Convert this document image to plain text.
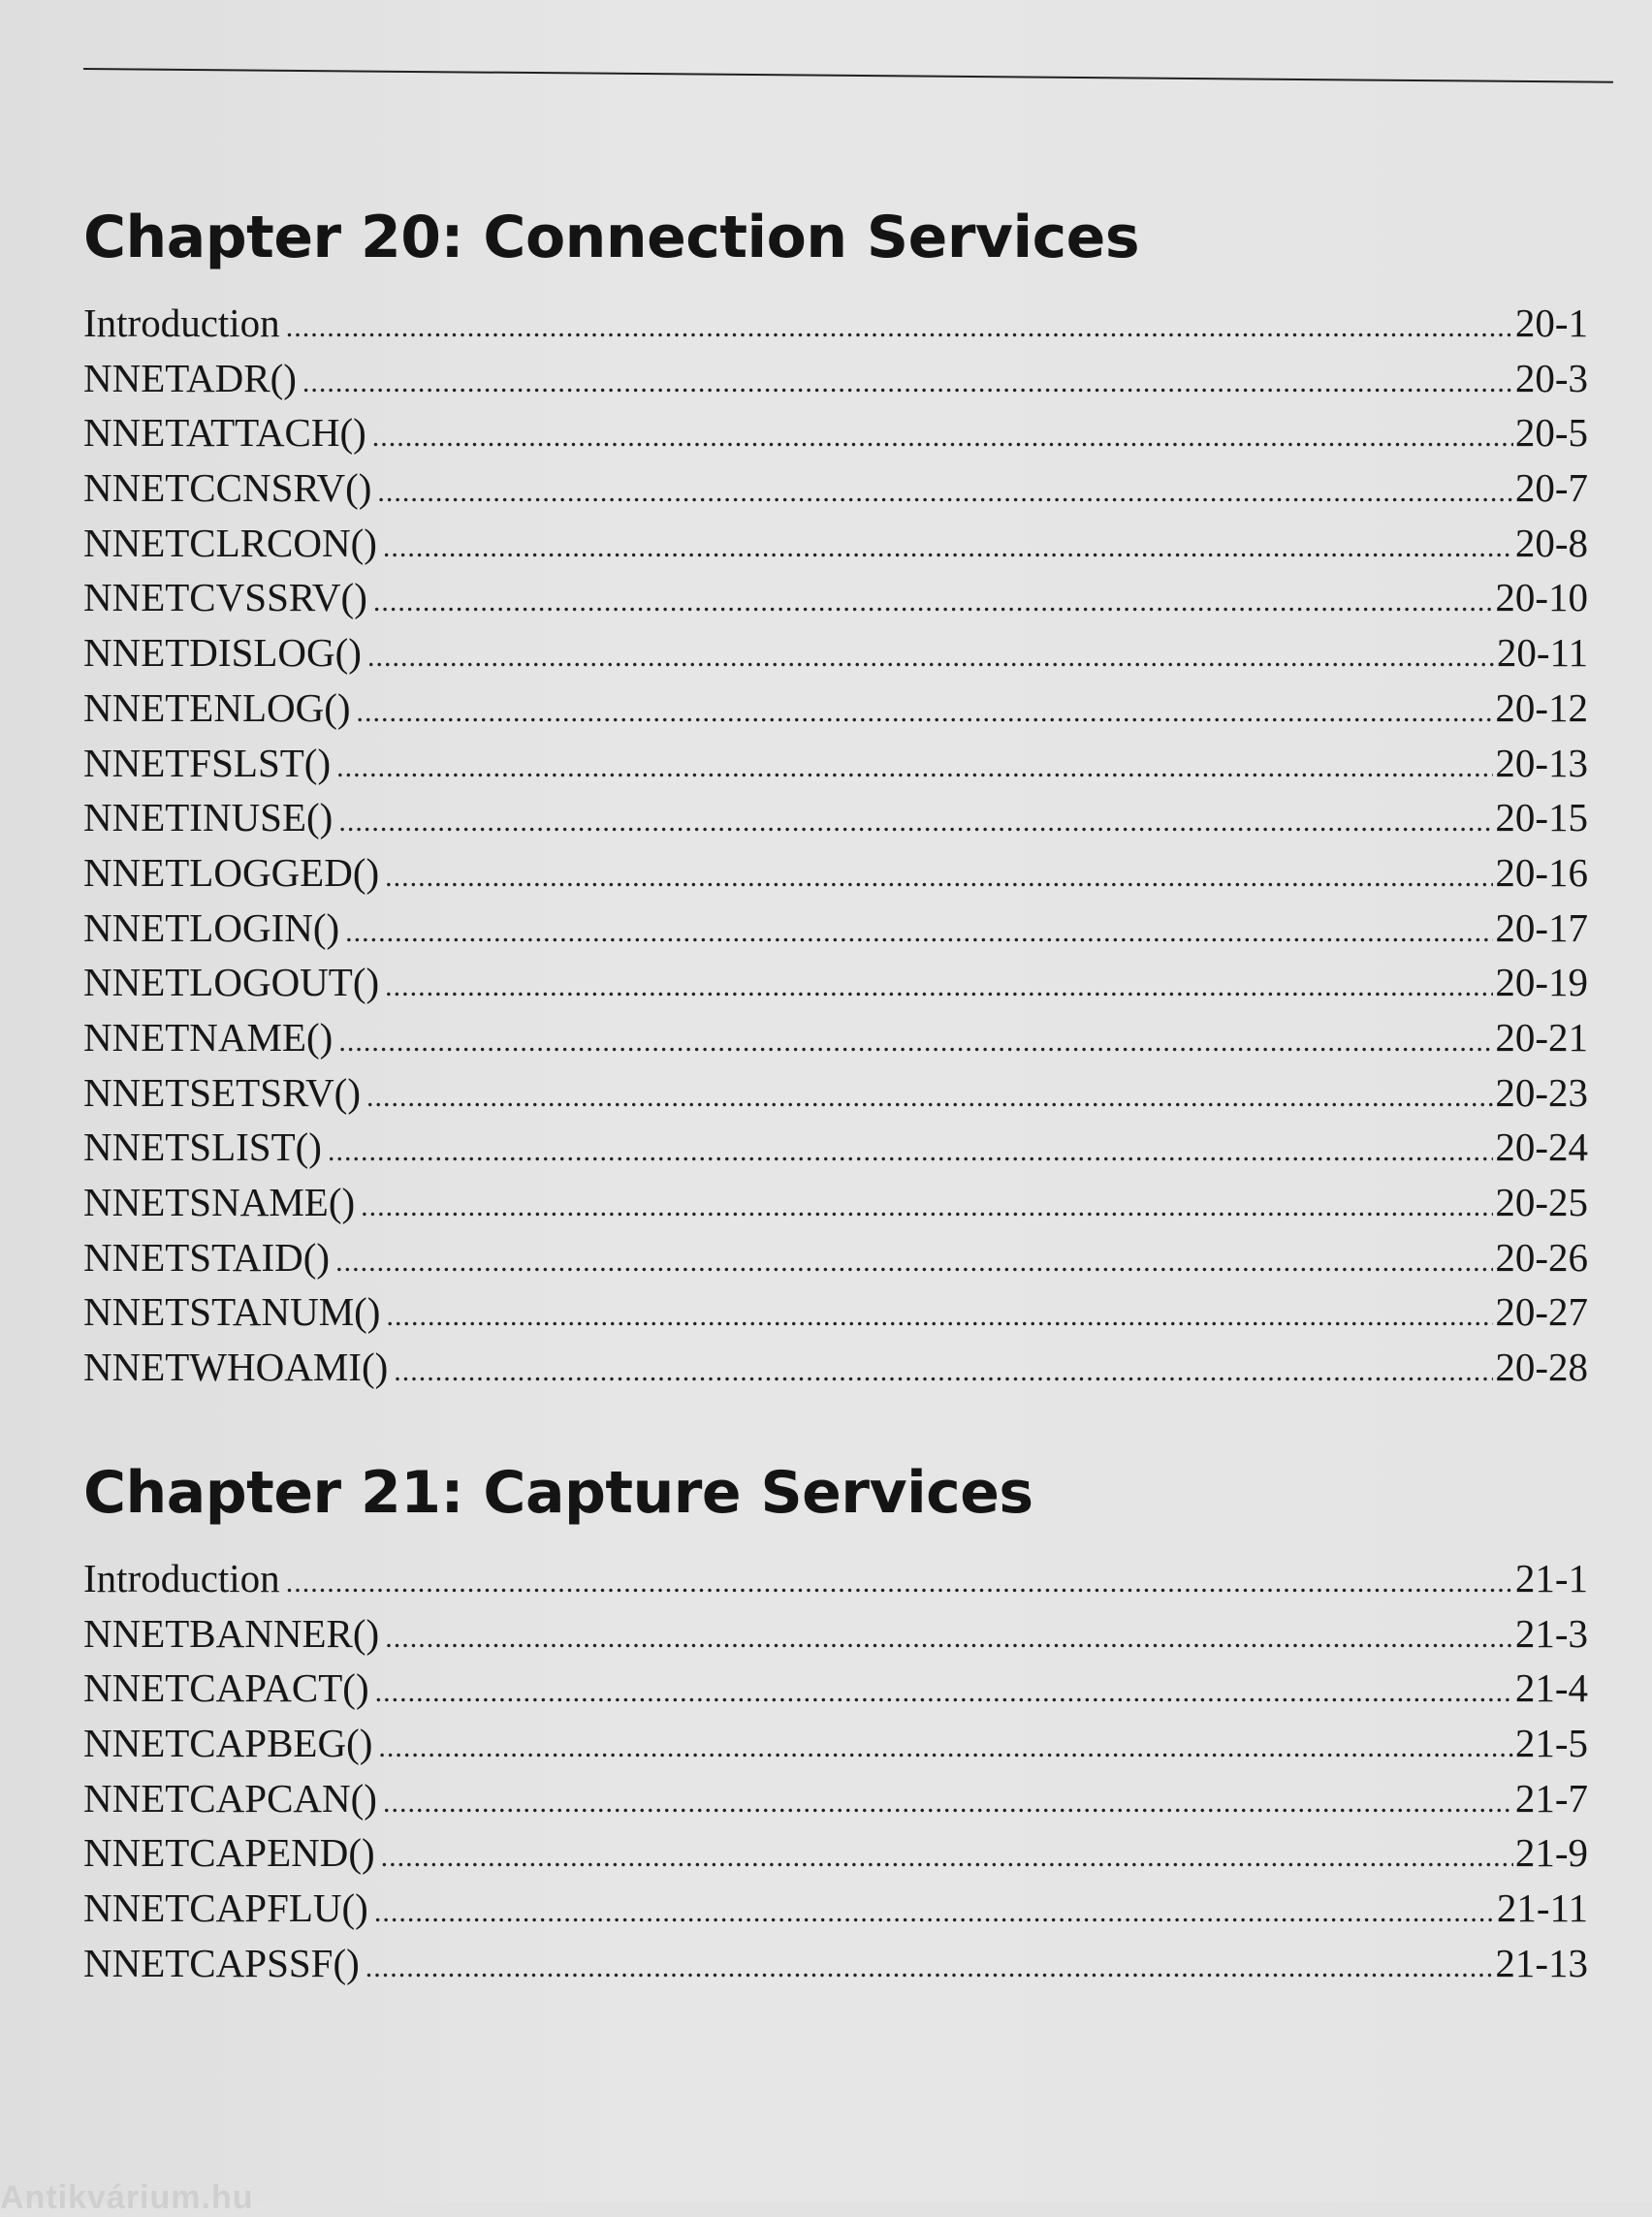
Chapter 20: Connection Services
Introduction .....	20-1
NNETADR() .....	20-3
NNETATTACH() .....	20-5
NNETCCNSRV() .....	20-7
NNETCLRCON() .....	20-8
NNETCVSSRV() .....	20-10
NNETDISLOG() .....	20-11
NNETENLOG() .....	20-12
NNETFSLST() .....	20-13
NNETINUSE() .....	20-15
NNETLOGGED() .....	20-16
NNETLOGIN() .....	20-17
NNETLOGOUT() .....	20-19
NNETNAME() .....	20-21
NNETSETSRV() .....	20-23
NNETSLIST() .....	20-24
NNETSNAME() .....	20-25
NNETSTAID() .....	20-26
NNETSTANUM() .....	20-27
NNETWHOAMI() .....	20-28
Chapter 21: Capture Services
Introduction .....	21-1
NNETBANNER() .....	21-3
NNETCAPACT() .....	21-4
NNETCAPBEG() .....	21-5
NNETCAPCAN() .....	21-7
NNETCAPEND() .....	21-9
NNETCAPFLU() .....	21-11
NNETCAPSSF() .....	21-13
Antikvárium.hu
